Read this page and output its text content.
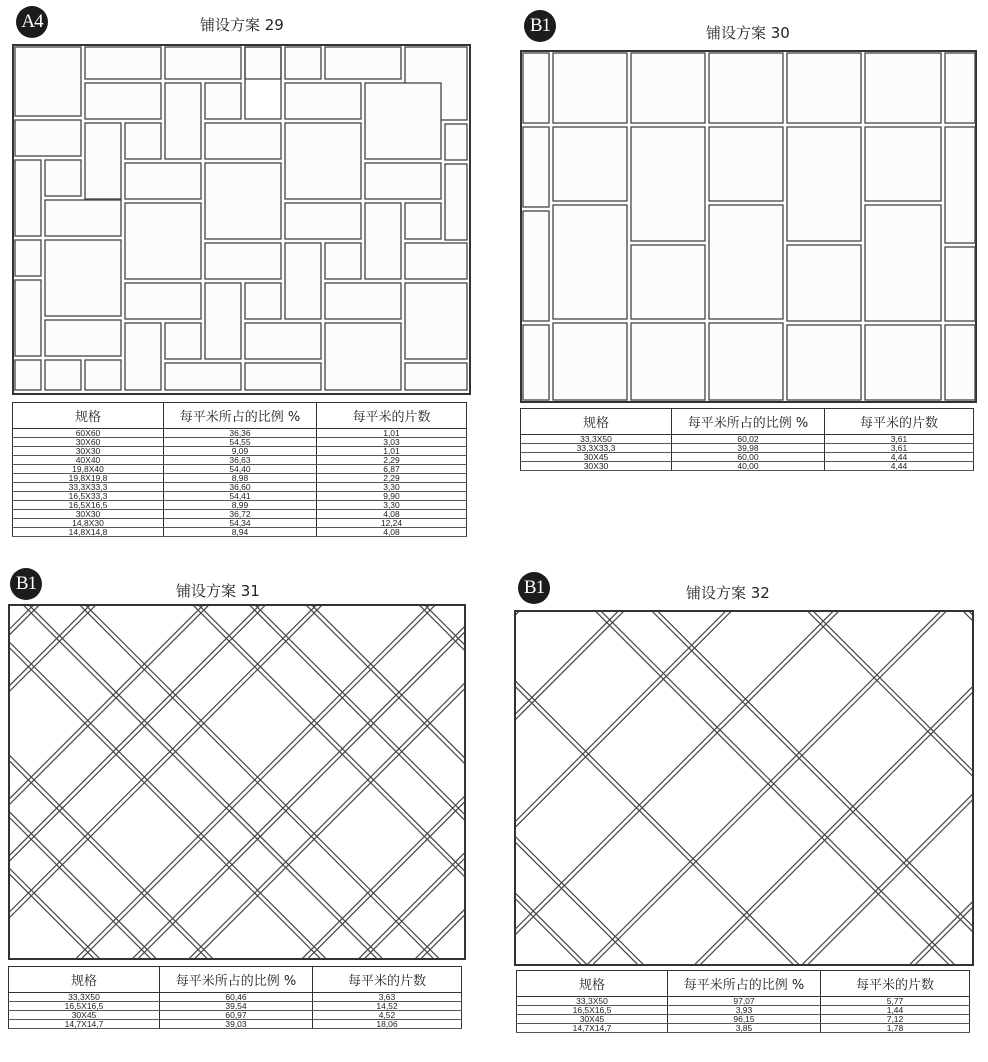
A4	铺设方案 29
规格	每平米所占的比例 %	每平米的片数
60X60	36,36	1,01
30X60	54,55	3,03
30X30	9,09	1,01
40X40	36,63	2,29
19,8X40	54,40	6,87
19,8X19,8	8,98	2,29
33,3X33,3	36,60	3,30
16,5X33,3	54,41	9,90
16,5X16,5	8,99	3,30
30X30	36,72	4,08
14,8X30	54,34	12,24
14,8X14,8	8,94	4,08
B1	铺设方案 30
规格	每平米所占的比例 %	每平米的片数
33,3X50	60,02	3,61
33,3X33,3	39,98	3,61
30X45	60,00	4,44
30X30	40,00	4,44
B1	铺设方案 31
规格	每平米所占的比例 %	每平米的片数
33,3X50	60,46	3,63
16,5X16,5	39,54	14,52
30X45	60,97	4,52
14,7X14,7	39,03	18,06
B1	铺设方案 32
规格	每平米所占的比例 %	每平米的片数
33,3X50	97,07	5,77
16,5X16,5	3,93	1,44
30X45	96,15	7,12
14,7X14,7	3,85	1,78
